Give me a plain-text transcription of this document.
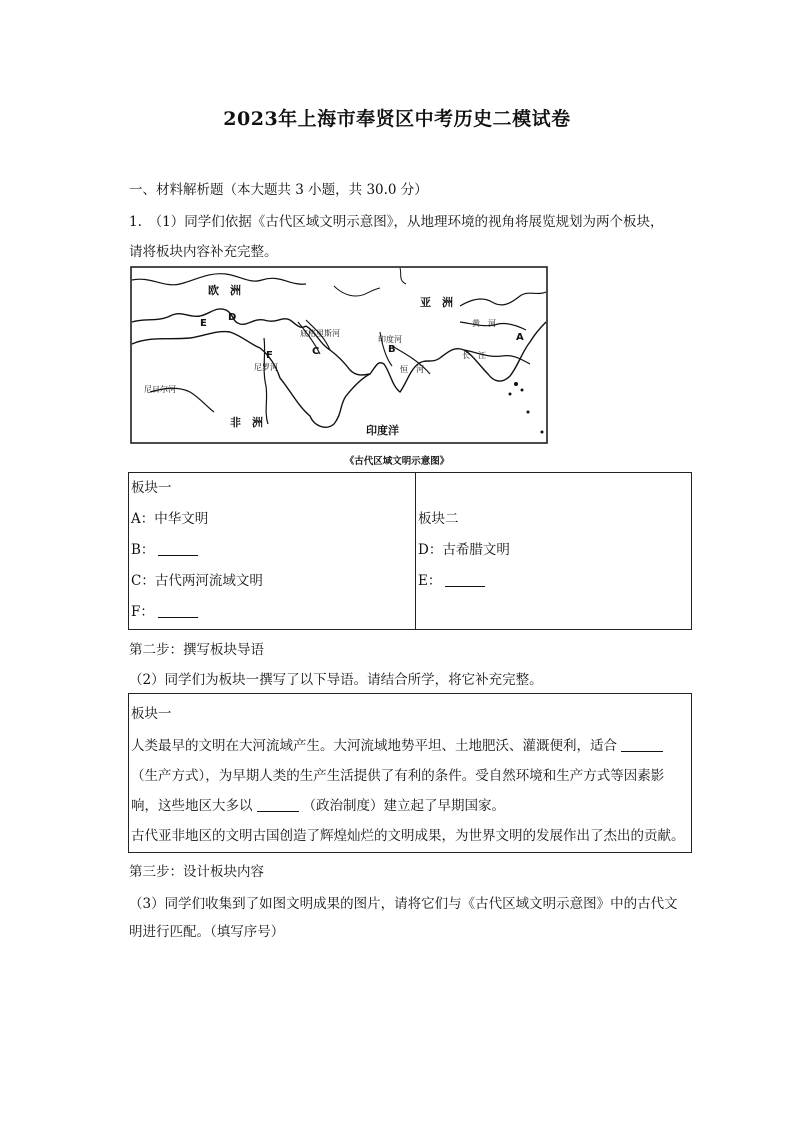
2023年上海市奉贤区中考历史二模试卷
一、材料解析题（本大题共 3 小题，共 30.0 分）
1.　（1）同学们依据《古代区域文明示意图》，从地理环境的视角将展览规划为两个板块，
请将板块内容补充完整。
欧　洲
亚　洲
非　洲
印度洋
黄　河
长　江
印度河
恒　河
底格里斯河
尼罗河
尼日尔河
A
B
C
D
E
F
《古代区域文明示意图》
板块一
A：中华文明
B：
C：古代两河流域文明
F：

板块二
D：古希腊文明
E：
第二步：撰写板块导语
（2）同学们为板块一撰写了以下导语。请结合所学，将它补充完整。
板块一
人类最早的文明在大河流域产生。大河流域地势平坦、土地肥沃、灌溉便利，适合
（生产方式），为早期人类的生产生活提供了有利的条件。受自然环境和生产方式等因素影
响，这些地区大多以	（政治制度）建立起了早期国家。
古代亚非地区的文明古国创造了辉煌灿烂的文明成果，为世界文明的发展作出了杰出的贡献。
第三步：设计板块内容
（3）同学们收集到了如图文明成果的图片，请将它们与《古代区域文明示意图》中的古代文
明进行匹配。（填写序号）
